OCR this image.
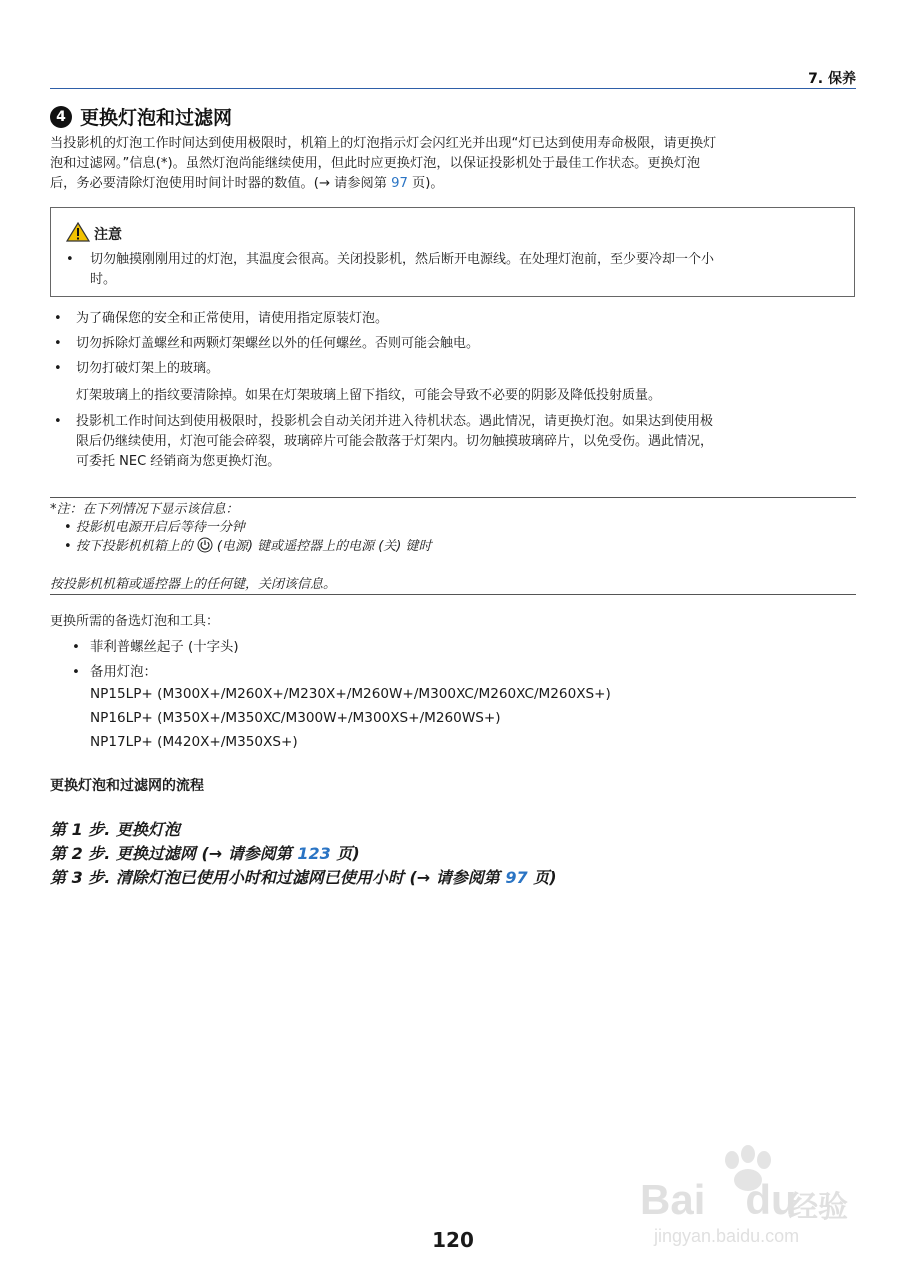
7. 保养
4 更换灯泡和过滤网
当投影机的灯泡工作时间达到使用极限时，机箱上的灯泡指示灯会闪红光并出现“灯已达到使用寿命极限，请更换灯
泡和过滤网。”信息(*)。虽然灯泡尚能继续使用，但此时应更换灯泡，以保证投影机处于最佳工作状态。更换灯泡
后，务必要清除灯泡使用时间计时器的数值。(→ 请参阅第 97 页)。
注意
•	切勿触摸刚刚用过的灯泡，其温度会很高。关闭投影机，然后断开电源线。在处理灯泡前，至少要冷却一个小
时。
• 为了确保您的安全和正常使用，请使用指定原装灯泡。
• 切勿拆除灯盖螺丝和两颗灯架螺丝以外的任何螺丝。否则可能会触电。
• 切勿打破灯架上的玻璃。
灯架玻璃上的指纹要清除掉。如果在灯架玻璃上留下指纹，可能会导致不必要的阴影及降低投射质量。
• 投影机工作时间达到使用极限时，投影机会自动关闭并进入待机状态。遇此情况，请更换灯泡。如果达到使用极
限后仍继续使用，灯泡可能会碎裂，玻璃碎片可能会散落于灯架内。切勿触摸玻璃碎片，以免受伤。遇此情况，
可委托 NEC 经销商为您更换灯泡。
*注：在下列情况下显示该信息：
• 投影机电源开启后等待一分钟
• 按下投影机机箱上的 (电源) 键或遥控器上的电源 (关) 键时
按投影机机箱或遥控器上的任何键，关闭该信息。
更换所需的备选灯泡和工具：
• 菲利普螺丝起子 (十字头)
• 备用灯泡：
NP15LP+ (M300X+/M260X+/M230X+/M260W+/M300XC/M260XC/M260XS+)
NP16LP+ (M350X+/M350XC/M300W+/M300XS+/M260WS+)
NP17LP+ (M420X+/M350XS+)
更换灯泡和过滤网的流程
第 1 步. 更换灯泡
第 2 步. 更换过滤网 (→ 请参阅第 123 页)
第 3 步. 清除灯泡已使用小时和过滤网已使用小时 (→ 请参阅第 97 页)
Bai du
经验
jingyan.baidu.com
120
